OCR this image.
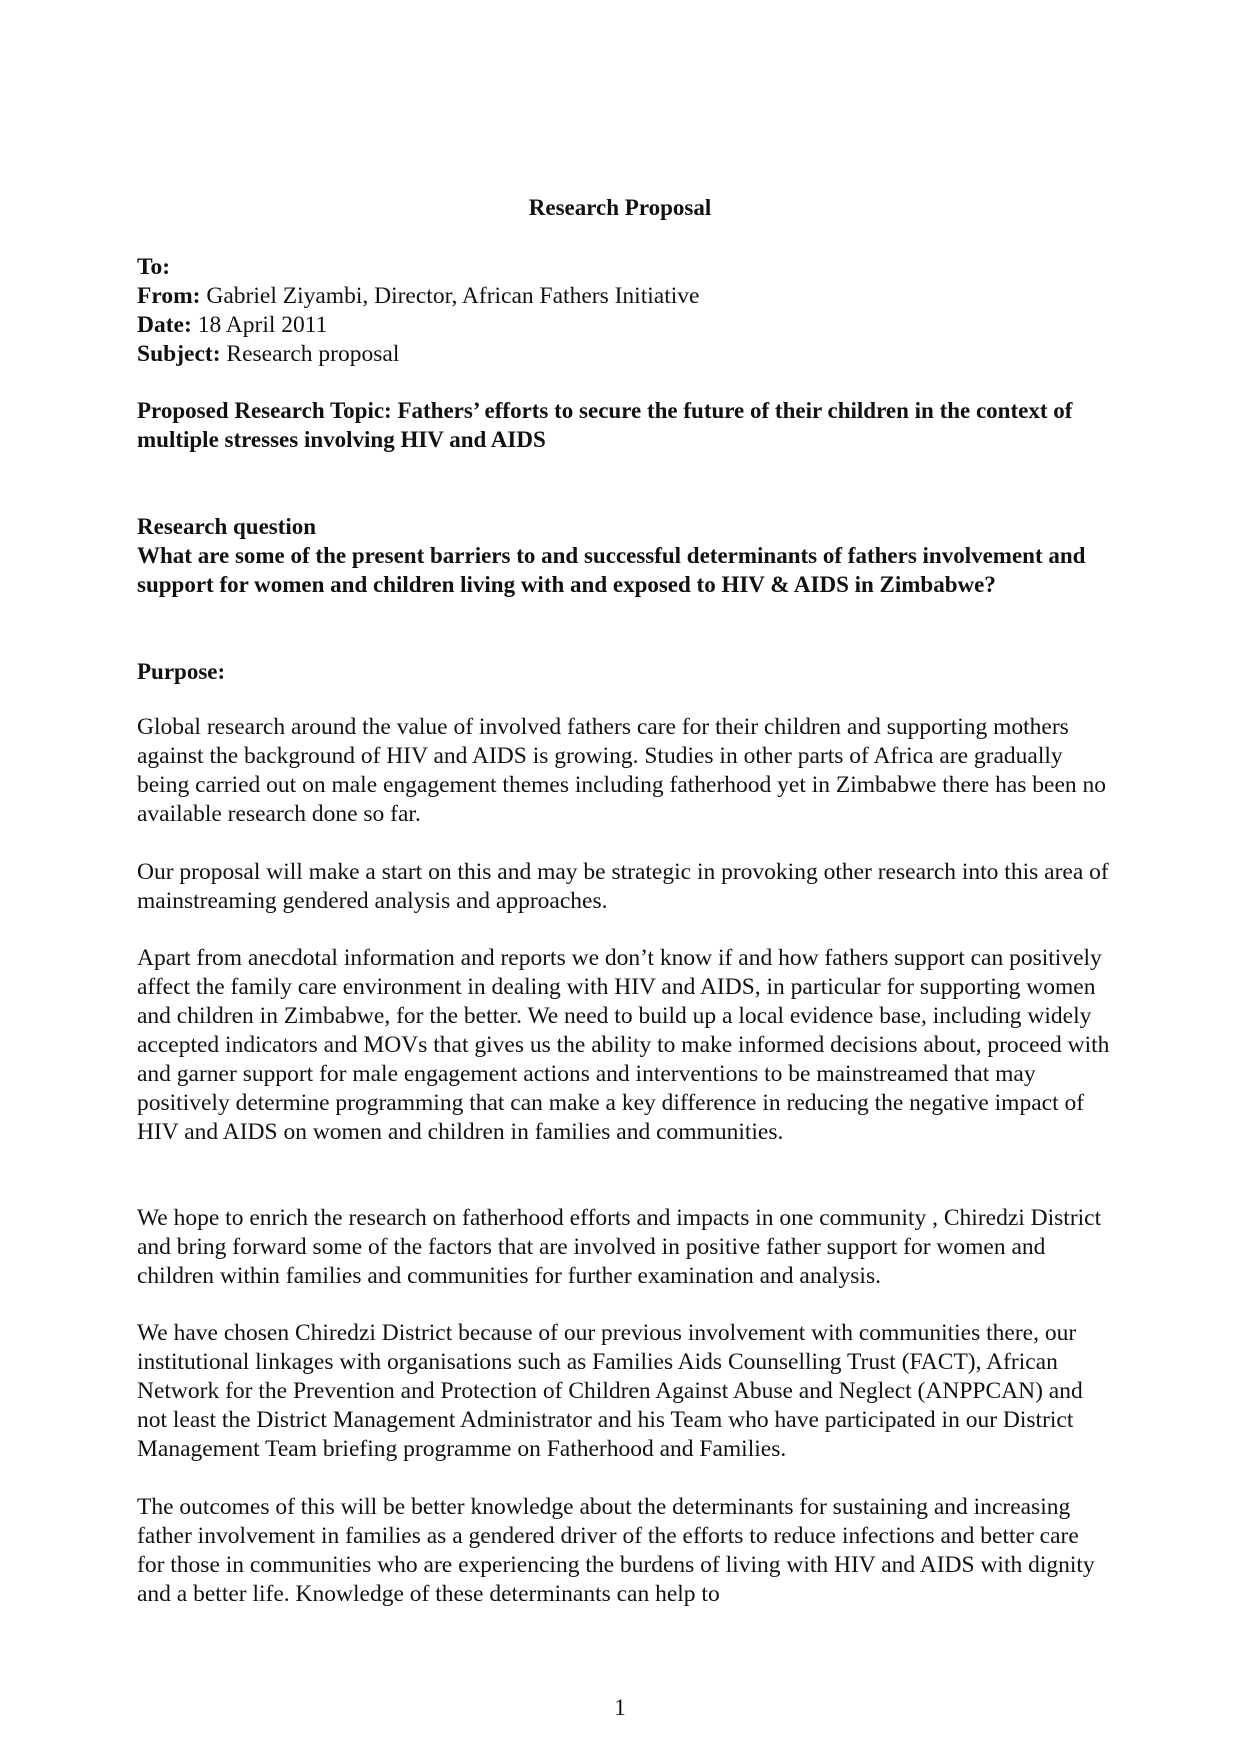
Research Proposal
To:
From: Gabriel Ziyambi, Director, African Fathers Initiative
Date: 18 April 2011
Subject: Research proposal
Proposed Research Topic: Fathers’ efforts to secure the future of their children in the context of multiple stresses involving HIV and AIDS
Research question
What are some of the present barriers to and successful determinants of fathers involvement and support for women and children living with and exposed to HIV & AIDS in Zimbabwe?
Purpose:

Global research around the value of involved fathers care for their children and supporting mothers against the background of HIV and AIDS is growing. Studies in other parts of Africa are gradually being carried out on male engagement themes including fatherhood yet in Zimbabwe there has been no available research done so far.

Our proposal will make a start on this and may be strategic in provoking other research into this area of mainstreaming gendered analysis and approaches.

Apart from anecdotal information and reports we don’t know if and how fathers support can positively affect the family care environment in dealing with HIV and AIDS, in particular for supporting women and children in Zimbabwe, for the better. We need to build up a local evidence base, including widely accepted indicators and MOVs that gives us the ability to make informed decisions about, proceed with and garner support for male engagement actions and interventions to be mainstreamed that may positively determine programming that can make a key difference in reducing the negative impact of HIV and AIDS on women and children in families and communities.

We hope to enrich the research on fatherhood efforts and impacts in one community , Chiredzi District and bring forward some of the factors that are involved in positive father support for women and children within families and communities for further examination and analysis.

We have chosen Chiredzi District because of our previous involvement with communities there, our institutional linkages with organisations such as Families Aids Counselling Trust (FACT), African Network for the Prevention and Protection of Children Against Abuse and Neglect (ANPPCAN) and not least the District Management Administrator and his Team who have participated in our District Management Team briefing programme on Fatherhood and Families.

The outcomes of this will be better knowledge about the determinants for sustaining and increasing father involvement in families as a gendered driver of the efforts to reduce infections and better care for those in communities who are experiencing the burdens of living with HIV and AIDS with dignity and a better life. Knowledge of these determinants can help to

1
